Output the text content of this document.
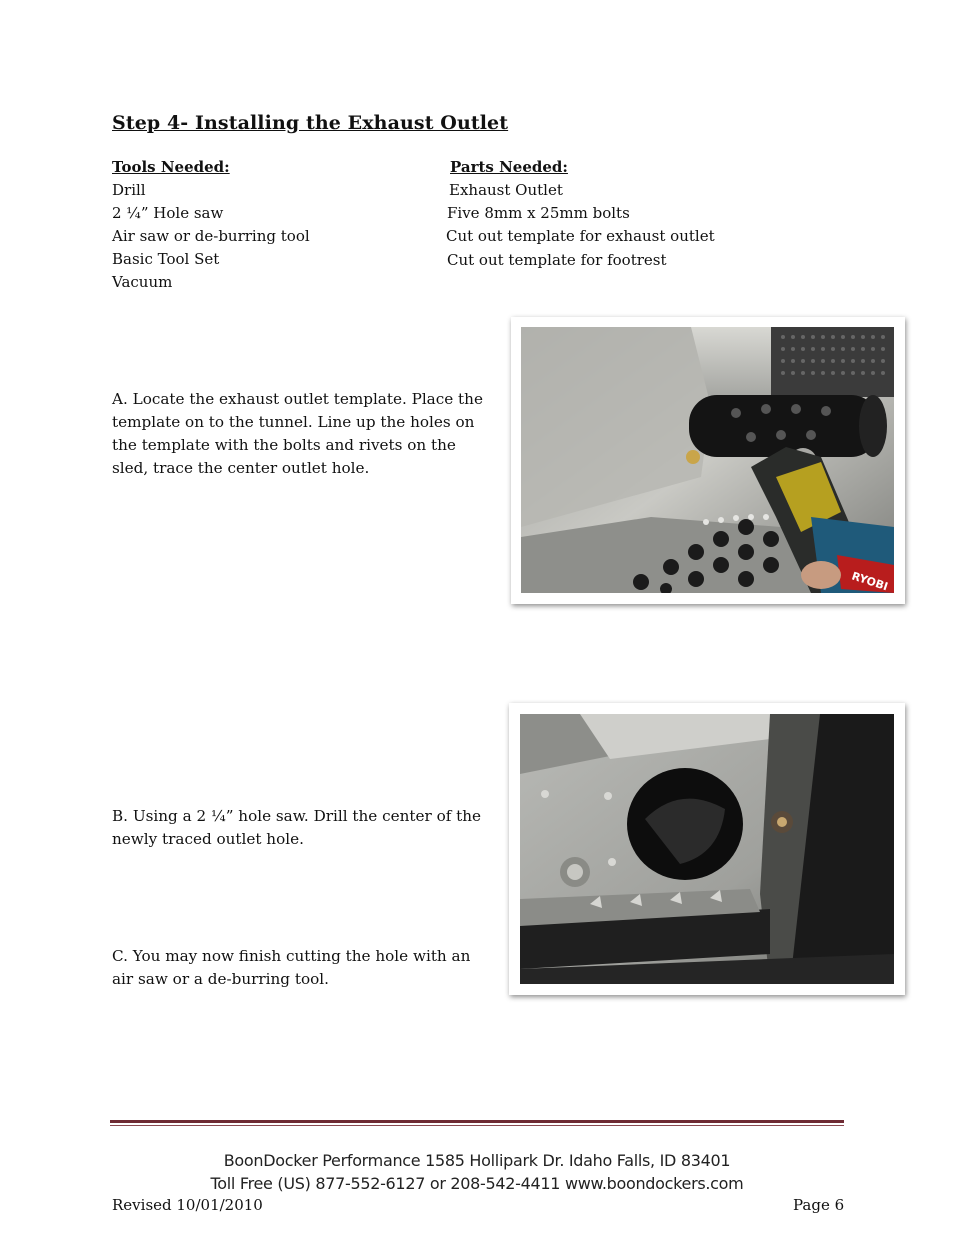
Step 4- Installing the Exhaust Outlet
Tools Needed:
Drill
2 ¼” Hole saw
Air saw or de-burring tool
Basic Tool Set
Vacuum
Parts Needed:
Exhaust Outlet
Five 8mm x 25mm bolts
Cut out template for exhaust outlet
Cut out template for footrest
A. Locate the exhaust outlet template. Place the template on to the tunnel. Line up the holes on the template with the bolts and rivets on the sled, trace the center outlet hole.
RYOBI
B. Using a 2 ¼” hole saw. Drill the center of the newly traced outlet hole.
C. You may now finish cutting the hole with an air saw or a de-burring tool.
BoonDocker Performance 1585 Hollipark Dr. Idaho Falls, ID 83401
Toll Free (US) 877-552-6127 or 208-542-4411 www.boondockers.com
Revised 10/01/2010	Page 6
